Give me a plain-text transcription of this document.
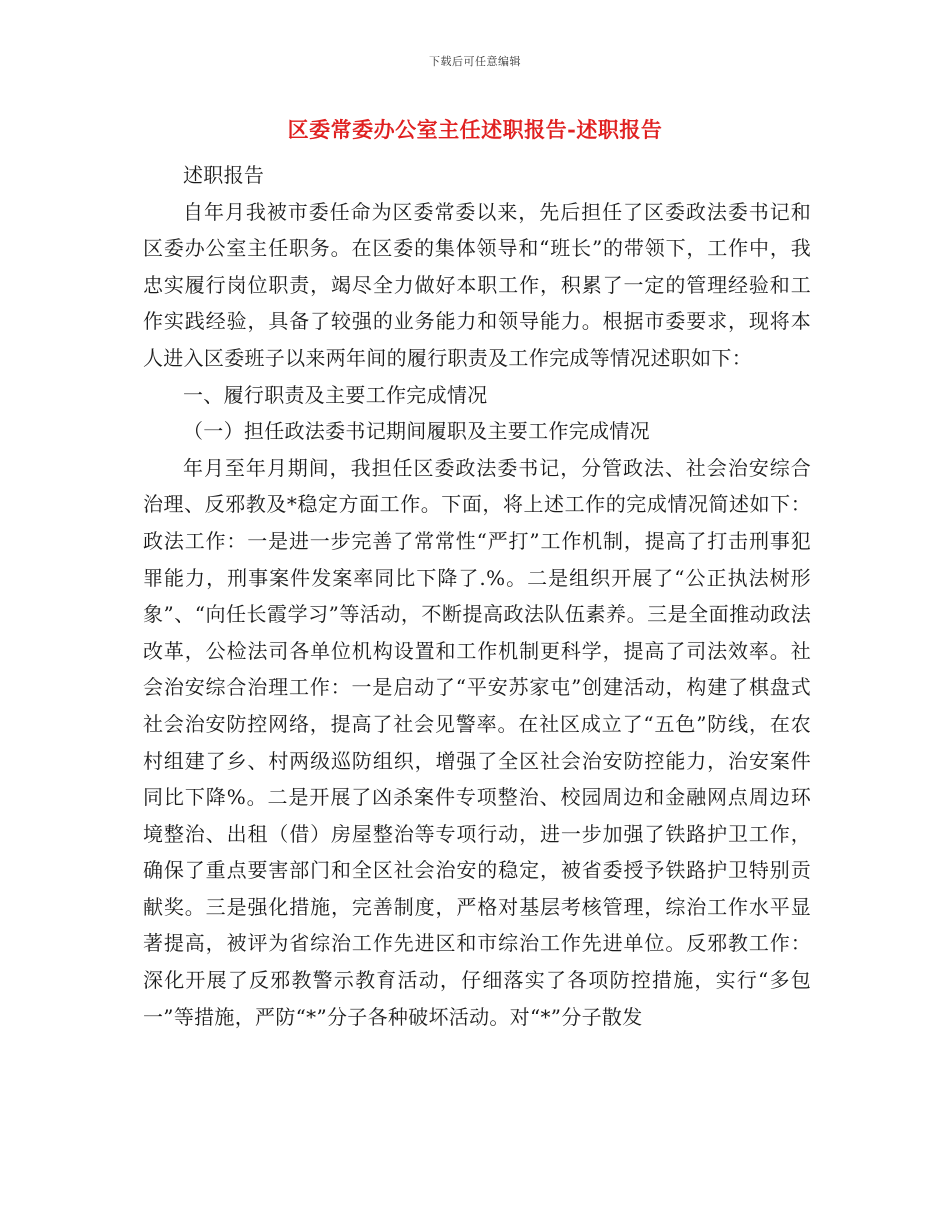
下载后可任意编辑
区委常委办公室主任述职报告-述职报告

述职报告

自年月我被市委任命为区委常委以来，先后担任了区委政法委书记和区委办公室主任职务。在区委的集体领导和“班长”的带领下，工作中，我忠实履行岗位职责，竭尽全力做好本职工作，积累了一定的管理经验和工作实践经验，具备了较强的业务能力和领导能力。根据市委要求，现将本人进入区委班子以来两年间的履行职责及工作完成等情况述职如下：

一、履行职责及主要工作完成情况

（一）担任政法委书记期间履职及主要工作完成情况

年月至年月期间，我担任区委政法委书记，分管政法、社会治安综合治理、反邪教及*稳定方面工作。下面，将上述工作的完成情况简述如下：政法工作：一是进一步完善了常常性“严打”工作机制，提高了打击刑事犯罪能力，刑事案件发案率同比下降了.%。二是组织开展了“公正执法树形象”、“向任长霞学习”等活动，不断提高政法队伍素养。三是全面推动政法改革，公检法司各单位机构设置和工作机制更科学，提高了司法效率。社会治安综合治理工作：一是启动了“平安苏家屯”创建活动，构建了棋盘式社会治安防控网络，提高了社会见警率。在社区成立了“五色”防线，在农村组建了乡、村两级巡防组织，增强了全区社会治安防控能力，治安案件同比下降%。二是开展了凶杀案件专项整治、校园周边和金融网点周边环境整治、出租（借）房屋整治等专项行动，进一步加强了铁路护卫工作，确保了重点要害部门和全区社会治安的稳定，被省委授予铁路护卫特别贡献奖。三是强化措施，完善制度，严格对基层考核管理，综治工作水平显著提高，被评为省综治工作先进区和市综治工作先进单位。反邪教工作：深化开展了反邪教警示教育活动，仔细落实了各项防控措施，实行“多包一”等措施，严防“*”分子各种破坏活动。对“*”分子散发
